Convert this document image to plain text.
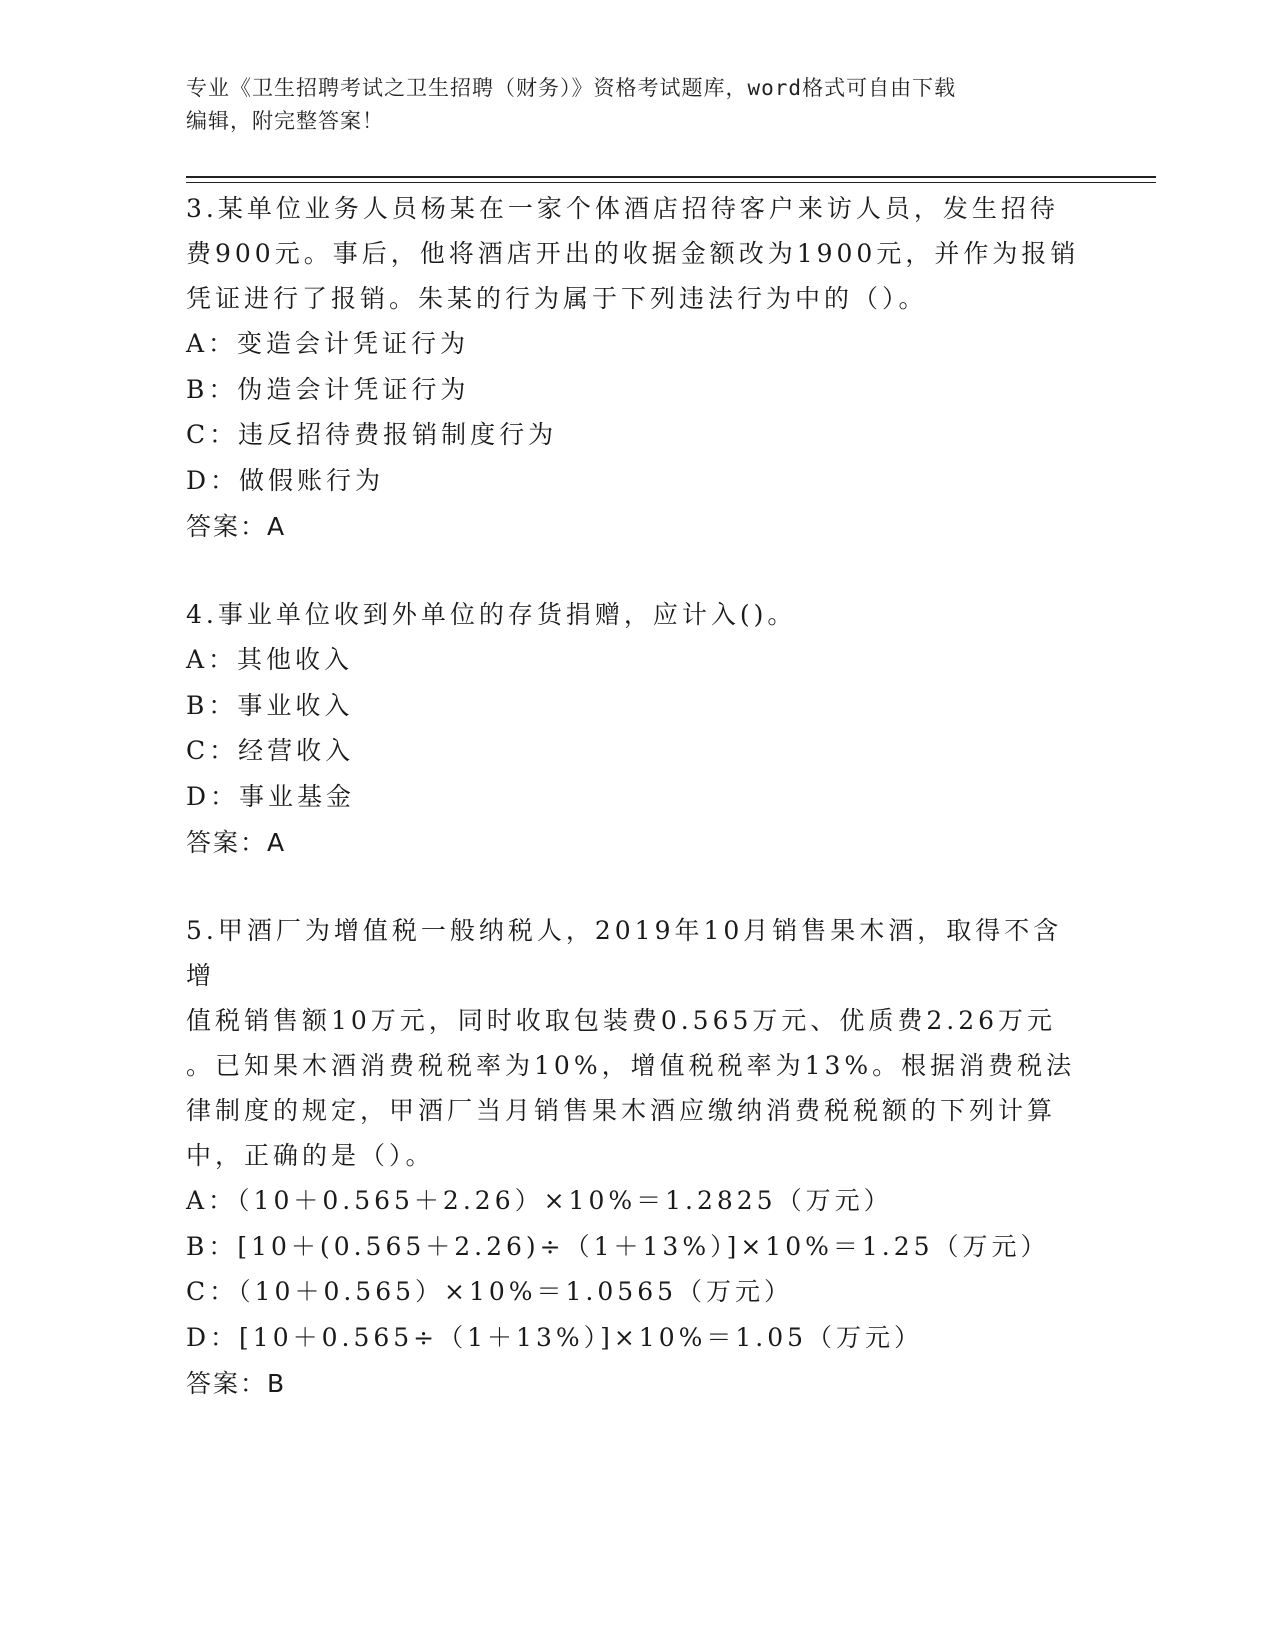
专业《卫生招聘考试之卫生招聘（财务）》资格考试题库，word格式可自由下载
编辑，附完整答案！
3.某单位业务人员杨某在一家个体酒店招待客户来访人员，发生招待
费900元。事后，他将酒店开出的收据金额改为1900元，并作为报销
凭证进行了报销。朱某的行为属于下列违法行为中的（）。
A：变造会计凭证行为
B：伪造会计凭证行为
C：违反招待费报销制度行为
D：做假账行为
答案：A
4.事业单位收到外单位的存货捐赠，应计入()。
A：其他收入
B：事业收入
C：经营收入
D：事业基金
答案：A
5.甲酒厂为增值税一般纳税人，2019年10月销售果木酒，取得不含增
值税销售额10万元，同时收取包装费0.565万元、优质费2.26万元
。已知果木酒消费税税率为10%，增值税税率为13%。根据消费税法
律制度的规定，甲酒厂当月销售果木酒应缴纳消费税税额的下列计算
中，正确的是（）。
A：（10＋0.565＋2.26）×10%＝1.2825（万元）
B：[10＋(0.565＋2.26)÷（1＋13%）]×10%＝1.25（万元）
C：（10＋0.565）×10%＝1.0565（万元）
D：[10＋0.565÷（1＋13%）]×10%＝1.05（万元）
答案：B
